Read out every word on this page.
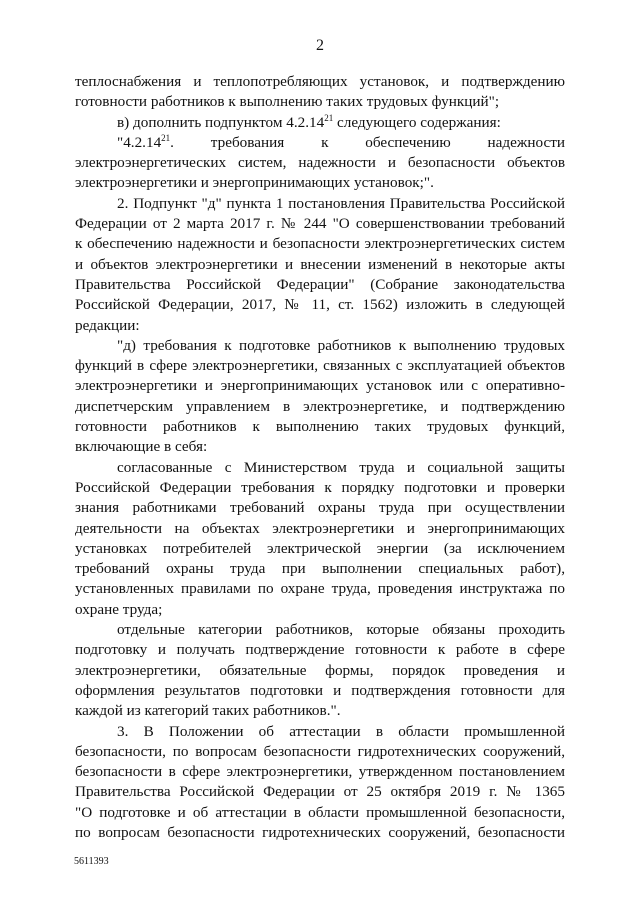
2
теплоснабжения и теплопотребляющих установок, и подтверждению
готовности работников к выполнению таких трудовых функций";
в) дополнить подпунктом 4.2.14$^{21}$ следующего содержания:
"4.2.14$^{21}$. требования к обеспечению надежности
электроэнергетических систем, надежности и безопасности объектов
электроэнергетики и энергопринимающих установок;".
2. Подпункт "д" пункта 1 постановления Правительства Российской
Федерации от 2 марта 2017 г. № 244 "О совершенствовании требований
к обеспечению надежности и безопасности электроэнергетических систем
и объектов электроэнергетики и внесении изменений в некоторые акты
Правительства Российской Федерации" (Собрание законодательства
Российской Федерации, 2017, № 11, ст. 1562) изложить в следующей
редакции:
"д) требования к подготовке работников к выполнению трудовых
функций в сфере электроэнергетики, связанных с эксплуатацией объектов
электроэнергетики и энергопринимающих установок или с оперативно-
диспетчерским управлением в электроэнергетике, и подтверждению
готовности работников к выполнению таких трудовых функций,
включающие в себя:
согласованные с Министерством труда и социальной защиты
Российской Федерации требования к порядку подготовки и проверки
знания работниками требований охраны труда при осуществлении
деятельности на объектах электроэнергетики и энергопринимающих
установках потребителей электрической энергии (за исключением
требований охраны труда при выполнении специальных работ),
установленных правилами по охране труда, проведения инструктажа по
охране труда;
отдельные категории работников, которые обязаны проходить
подготовку и получать подтверждение готовности к работе в сфере
электроэнергетики, обязательные формы, порядок проведения и
оформления результатов подготовки и подтверждения готовности для
каждой из категорий таких работников.".
3. В Положении об аттестации в области промышленной
безопасности, по вопросам безопасности гидротехнических сооружений,
безопасности в сфере электроэнергетики, утвержденном постановлением
Правительства Российской Федерации от 25 октября 2019 г. № 1365
"О подготовке и об аттестации в области промышленной безопасности,
по вопросам безопасности гидротехнических сооружений, безопасности
5611393
